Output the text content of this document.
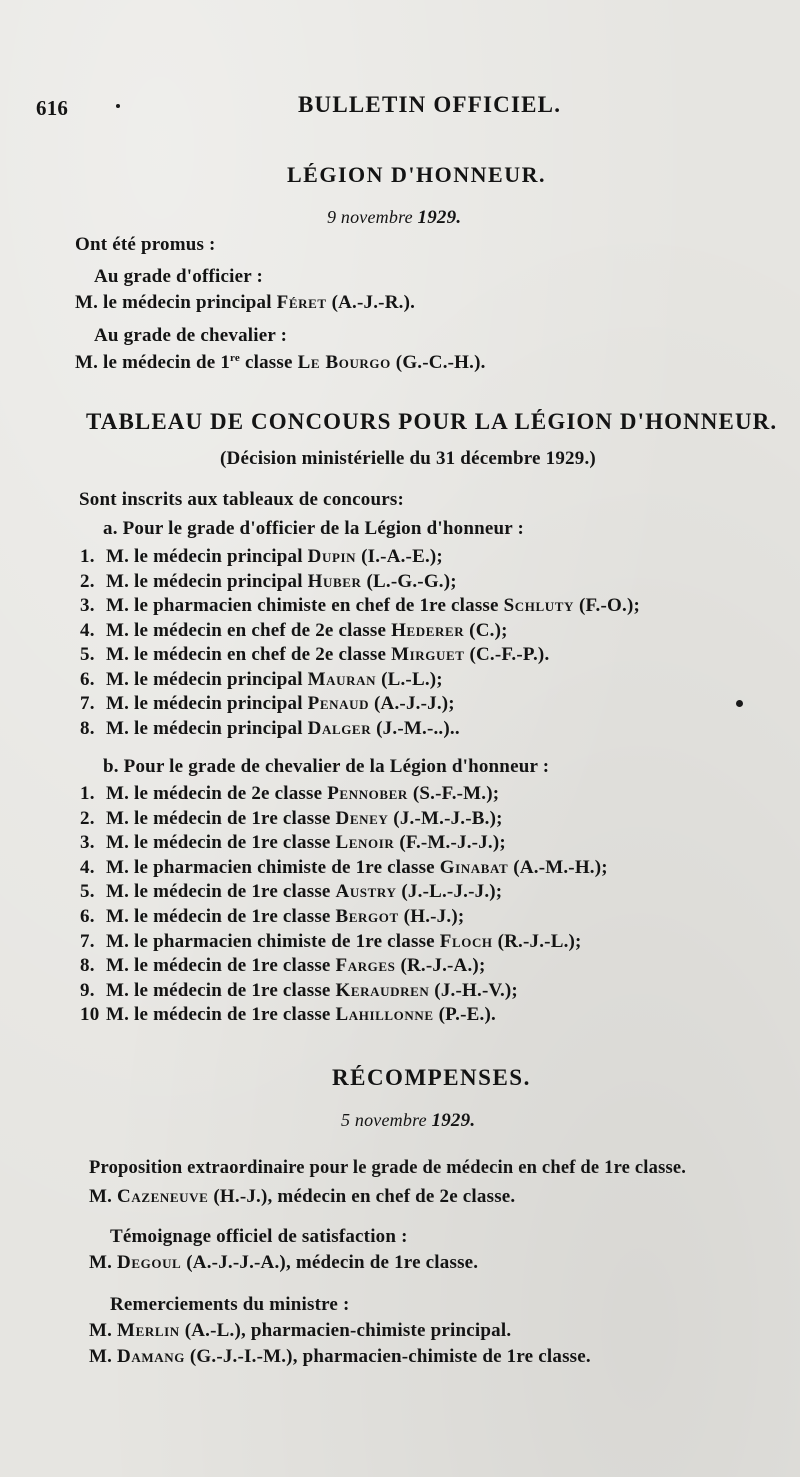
616	BULLETIN OFFICIEL.
LÉGION D'HONNEUR.
9 novembre 1929.
Ont été promus :
Au grade d'officier :
M. le médecin principal Féret (A.-J.-R.).
Au grade de chevalier :
M. le médecin de 1re classe Le Bourgo (G.-C.-H.).
TABLEAU DE CONCOURS POUR LA LÉGION D'HONNEUR.
(Décision ministérielle du 31 décembre 1929.)
Sont inscrits aux tableaux de concours:
a. Pour le grade d'officier de la Légion d'honneur :
1. M. le médecin principal Dupin (I.-A.-E.);
2. M. le médecin principal Huber (L.-G.-G.);
3. M. le pharmacien chimiste en chef de 1re classe Schluty (F.-O.);
4. M. le médecin en chef de 2e classe Hederer (C.);
5. M. le médecin en chef de 2e classe Mirguet (C.-F.-P.).
6. M. le médecin principal Mauran (L.-L.);
7. M. le médecin principal Penaud (A.-J.-J.);
8. M. le médecin principal Dalger (J.-M.-..)..
b. Pour le grade de chevalier de la Légion d'honneur :
1. M. le médecin de 2e classe Pennober (S.-F.-M.);
2. M. le médecin de 1re classe Deney (J.-M.-J.-B.);
3. M. le médecin de 1re classe Lenoir (F.-M.-J.-J.);
4. M. le pharmacien chimiste de 1re classe Ginabat (A.-M.-H.);
5. M. le médecin de 1re classe Austry (J.-L.-J.-J.);
6. M. le médecin de 1re classe Bergot (H.-J.);
7. M. le pharmacien chimiste de 1re classe Floch (R.-J.-L.);
8. M. le médecin de 1re classe Farges (R.-J.-A.);
9. M. le médecin de 1re classe Keraudren (J.-H.-V.);
10 M. le médecin de 1re classe Lahillonne (P.-E.).
RÉCOMPENSES.
5 novembre 1929.
Proposition extraordinaire pour le grade de médecin en chef de 1re classe.
M. Cazeneuve (H.-J.), médecin en chef de 2e classe.
Témoignage officiel de satisfaction :
M. Degoul (A.-J.-J.-A.), médecin de 1re classe.
Remerciements du ministre :
M. Merlin (A.-L.), pharmacien-chimiste principal.
M. Damang (G.-J.-I.-M.), pharmacien-chimiste de 1re classe.
